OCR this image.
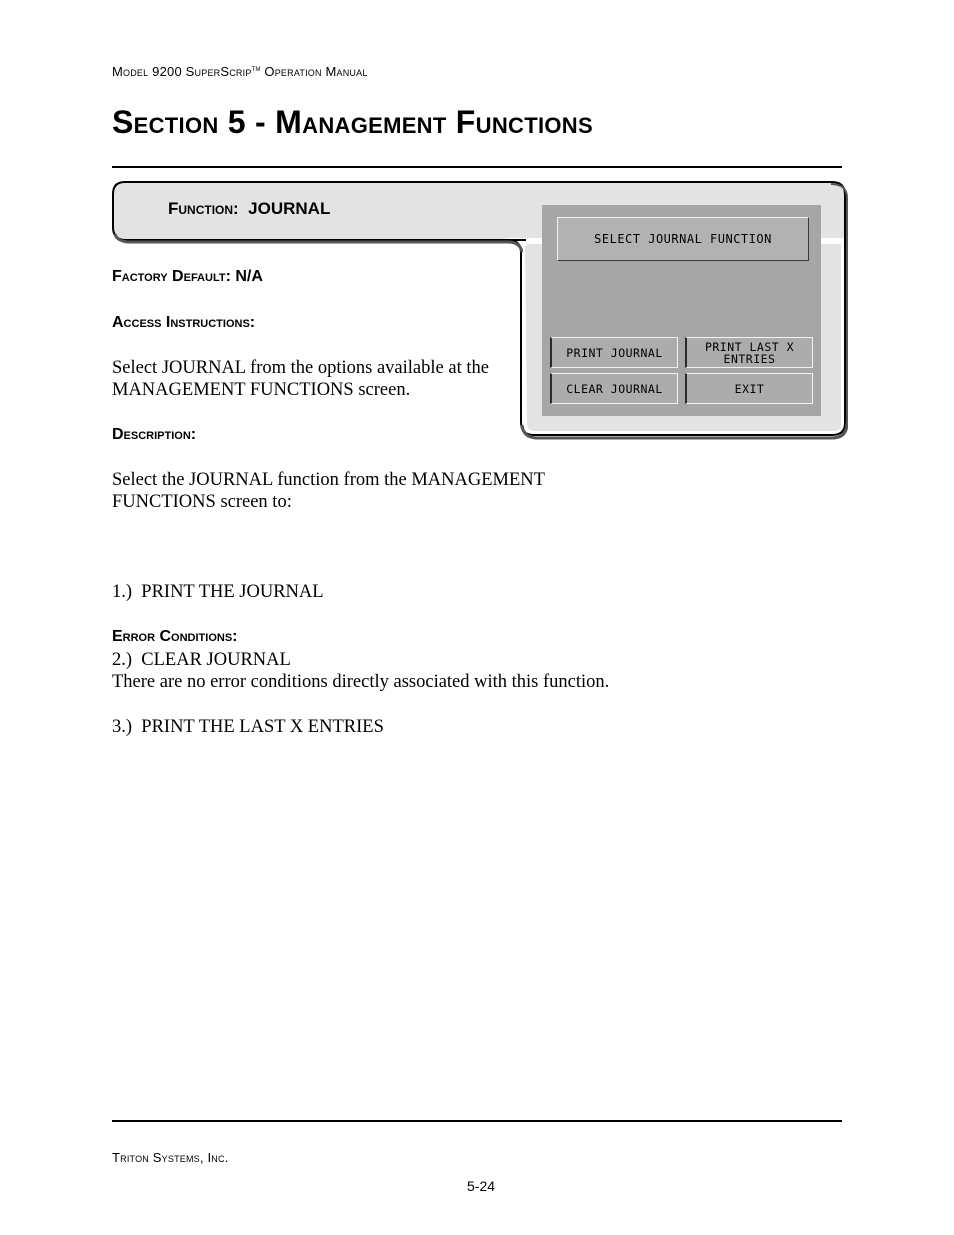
Model 9200 SuperScrip™ Operation Manual
Section 5 - Management Functions
Function: JOURNAL
SELECT JOURNAL FUNCTION
PRINT JOURNAL	PRINT LAST X
ENTRIES
CLEAR JOURNAL	EXIT
Factory Default: N/A
Access Instructions:
Select JOURNAL from the options available at the
MANAGEMENT FUNCTIONS screen.
Description:
Select the JOURNAL function from the MANAGEMENT
FUNCTIONS screen to:

1.)  PRINT THE JOURNAL

2.)  CLEAR JOURNAL

3.)  PRINT THE LAST X ENTRIES

Error Conditions:
There are no error conditions directly associated with this function.
Triton Systems, Inc.
5-24
